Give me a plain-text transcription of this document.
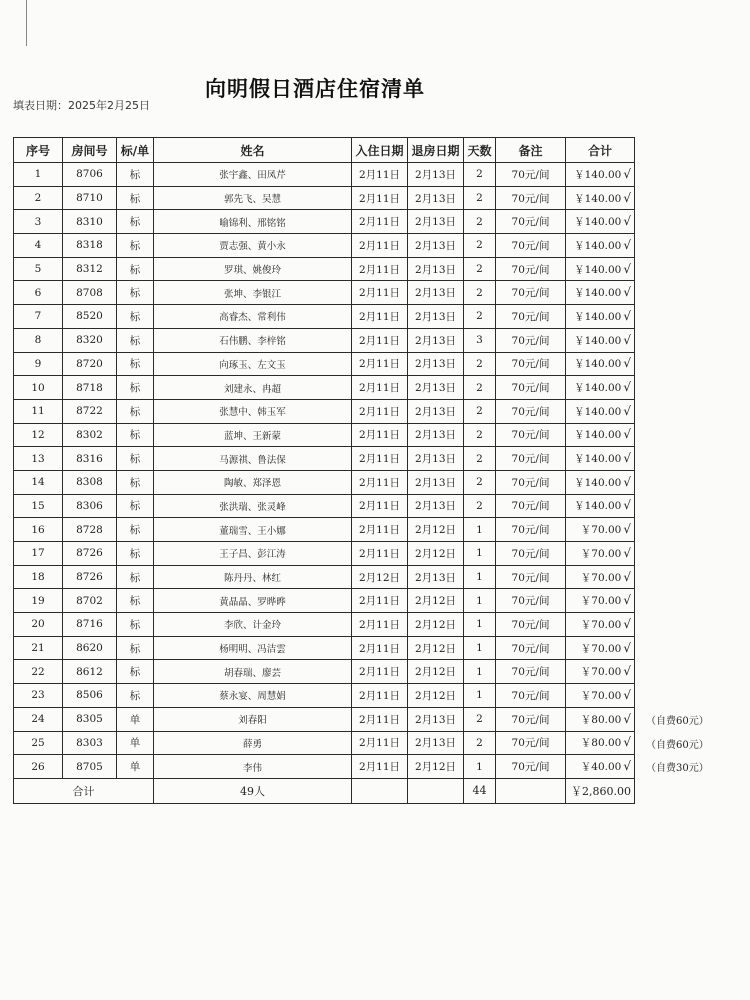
向明假日酒店住宿清单
填表日期：2025年2月25日
序号	房间号	标/单	姓名	入住日期	退房日期	天数	备注	合计
1	8706	标	张宇鑫、田凤芹	2月11日	2月13日	2	70元/间	￥140.00 √
2	8710	标	郭先飞、吴慧	2月11日	2月13日	2	70元/间	￥140.00 √
3	8310	标	喻锦利、邢铭铭	2月11日	2月13日	2	70元/间	￥140.00 √
4	8318	标	贾志强、黄小永	2月11日	2月13日	2	70元/间	￥140.00 √
5	8312	标	罗琪、姚俊玲	2月11日	2月13日	2	70元/间	￥140.00 √
6	8708	标	张坤、李银江	2月11日	2月13日	2	70元/间	￥140.00 √
7	8520	标	高睿杰、常利伟	2月11日	2月13日	2	70元/间	￥140.00 √
8	8320	标	石伟鹏、李梓铭	2月11日	2月13日	3	70元/间	￥140.00 √
9	8720	标	向琢玉、左文玉	2月11日	2月13日	2	70元/间	￥140.00 √
10	8718	标	刘建永、冉超	2月11日	2月13日	2	70元/间	￥140.00 √
11	8722	标	张慧中、韩玉军	2月11日	2月13日	2	70元/间	￥140.00 √
12	8302	标	蓝坤、王新蒙	2月11日	2月13日	2	70元/间	￥140.00 √
13	8316	标	马源祺、鲁法保	2月11日	2月13日	2	70元/间	￥140.00 √
14	8308	标	陶敏、郑泽恩	2月11日	2月13日	2	70元/间	￥140.00 √
15	8306	标	张洪瑞、张灵峰	2月11日	2月13日	2	70元/间	￥140.00 √
16	8728	标	董瑞雪、王小娜	2月11日	2月12日	1	70元/间	￥70.00 √
17	8726	标	王子昌、彭江涛	2月11日	2月12日	1	70元/间	￥70.00 √
18	8726	标	陈丹丹、林红	2月12日	2月13日	1	70元/间	￥70.00 √
19	8702	标	黄晶晶、罗晔晔	2月11日	2月12日	1	70元/间	￥70.00 √
20	8716	标	李欣、计金玲	2月11日	2月12日	1	70元/间	￥70.00 √
21	8620	标	杨明明、冯洁雲	2月11日	2月12日	1	70元/间	￥70.00 √
22	8612	标	胡春瑞、廖芸	2月11日	2月12日	1	70元/间	￥70.00 √
23	8506	标	蔡永宴、周慧娟	2月11日	2月12日	1	70元/间	￥70.00 √
24	8305	单	刘春阳	2月11日	2月13日	2	70元/间	￥80.00 √
25	8303	单	薛勇	2月11日	2月13日	2	70元/间	￥80.00 √
26	8705	单	李伟	2月11日	2月12日	1	70元/间	￥40.00 √
合计			49人			44		￥2,860.00
（自费60元）
（自费60元）
（自费30元）
